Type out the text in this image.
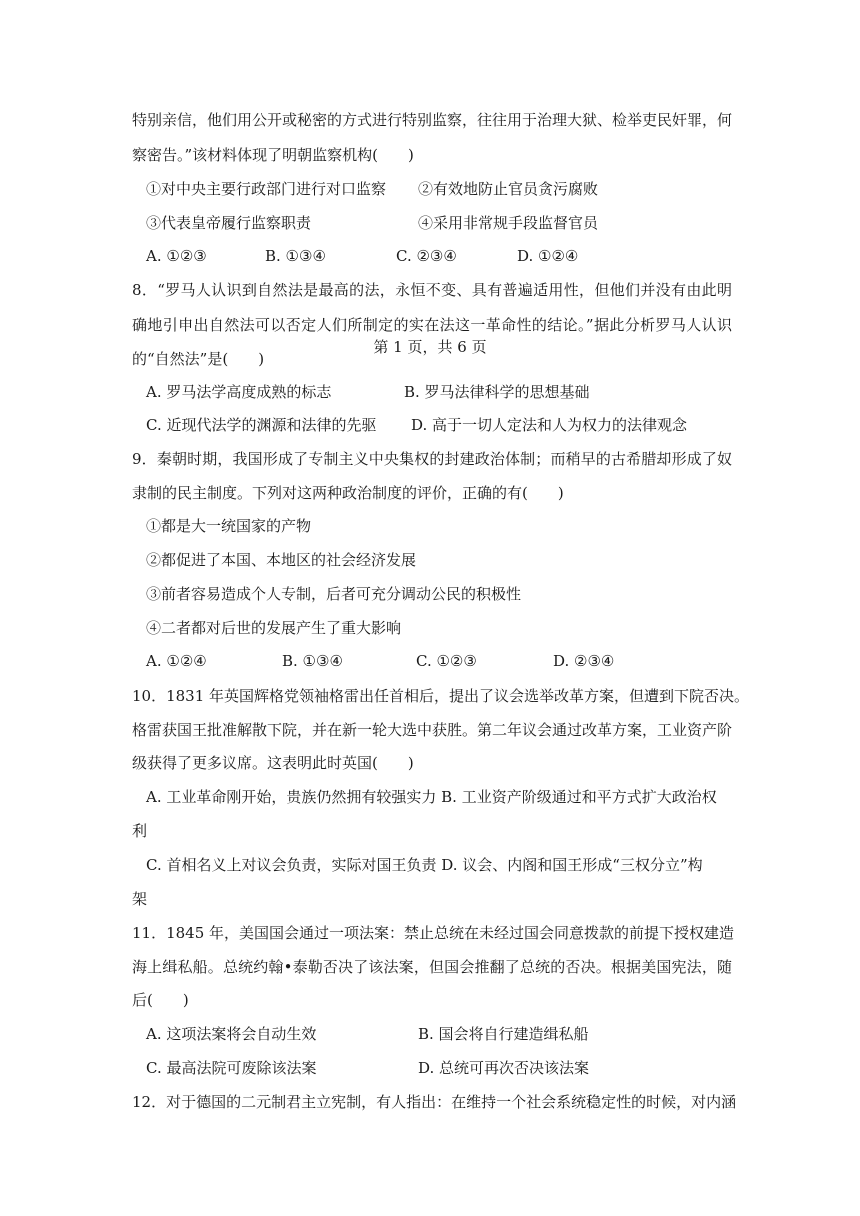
特别亲信，他们用公开或秘密的方式进行特别监察，往往用于治理大狱、检举吏民奸罪，何
察密告。”该材料体现了明朝监察机构(　　)
①对中央主要行政部门进行对口监察 ②有效地防止官员贪污腐败
③代表皇帝履行监察职责	④采用非常规手段监督官员
A. ①②③	B. ①③④	C. ②③④	D. ①②④
8．“罗马人认识到自然法是最高的法，永恒不变、具有普遍适用性，但他们并没有由此明
确地引申出自然法可以否定人们所制定的实在法这一革命性的结论。”据此分析罗马人认识
的“自然法”是(　　)
第 1 页，共 6 页
A. 罗马法学高度成熟的标志	B. 罗马法律科学的思想基础
C. 近现代法学的渊源和法律的先驱 D. 高于一切人定法和人为权力的法律观念
9．秦朝时期，我国形成了专制主义中央集权的封建政治体制；而稍早的古希腊却形成了奴
隶制的民主制度。下列对这两种政治制度的评价，正确的有(　　)
①都是大一统国家的产物
②都促进了本国、本地区的社会经济发展
③前者容易造成个人专制，后者可充分调动公民的积极性
④二者都对后世的发展产生了重大影响
A. ①②④	B. ①③④	C. ①②③	D. ②③④
10．1831 年英国辉格党领袖格雷出任首相后，提出了议会选举改革方案，但遭到下院否决。
格雷获国王批准解散下院，并在新一轮大选中获胜。第二年议会通过改革方案，工业资产阶
级获得了更多议席。这表明此时英国(　　)
A. 工业革命刚开始，贵族仍然拥有较强实力 B. 工业资产阶级通过和平方式扩大政治权
利
C. 首相名义上对议会负责，实际对国王负责 D. 议会、内阁和国王形成“三权分立”构
架
11．1845 年，美国国会通过一项法案：禁止总统在未经过国会同意拨款的前提下授权建造
海上缉私船。总统约翰•泰勒否决了该法案，但国会推翻了总统的否决。根据美国宪法，随
后(　　)
A. 这项法案将会自动生效	B. 国会将自行建造缉私船
C. 最高法院可废除该法案	D. 总统可再次否决该法案
12．对于德国的二元制君主立宪制，有人指出：在维持一个社会系统稳定性的时候，对内涵
